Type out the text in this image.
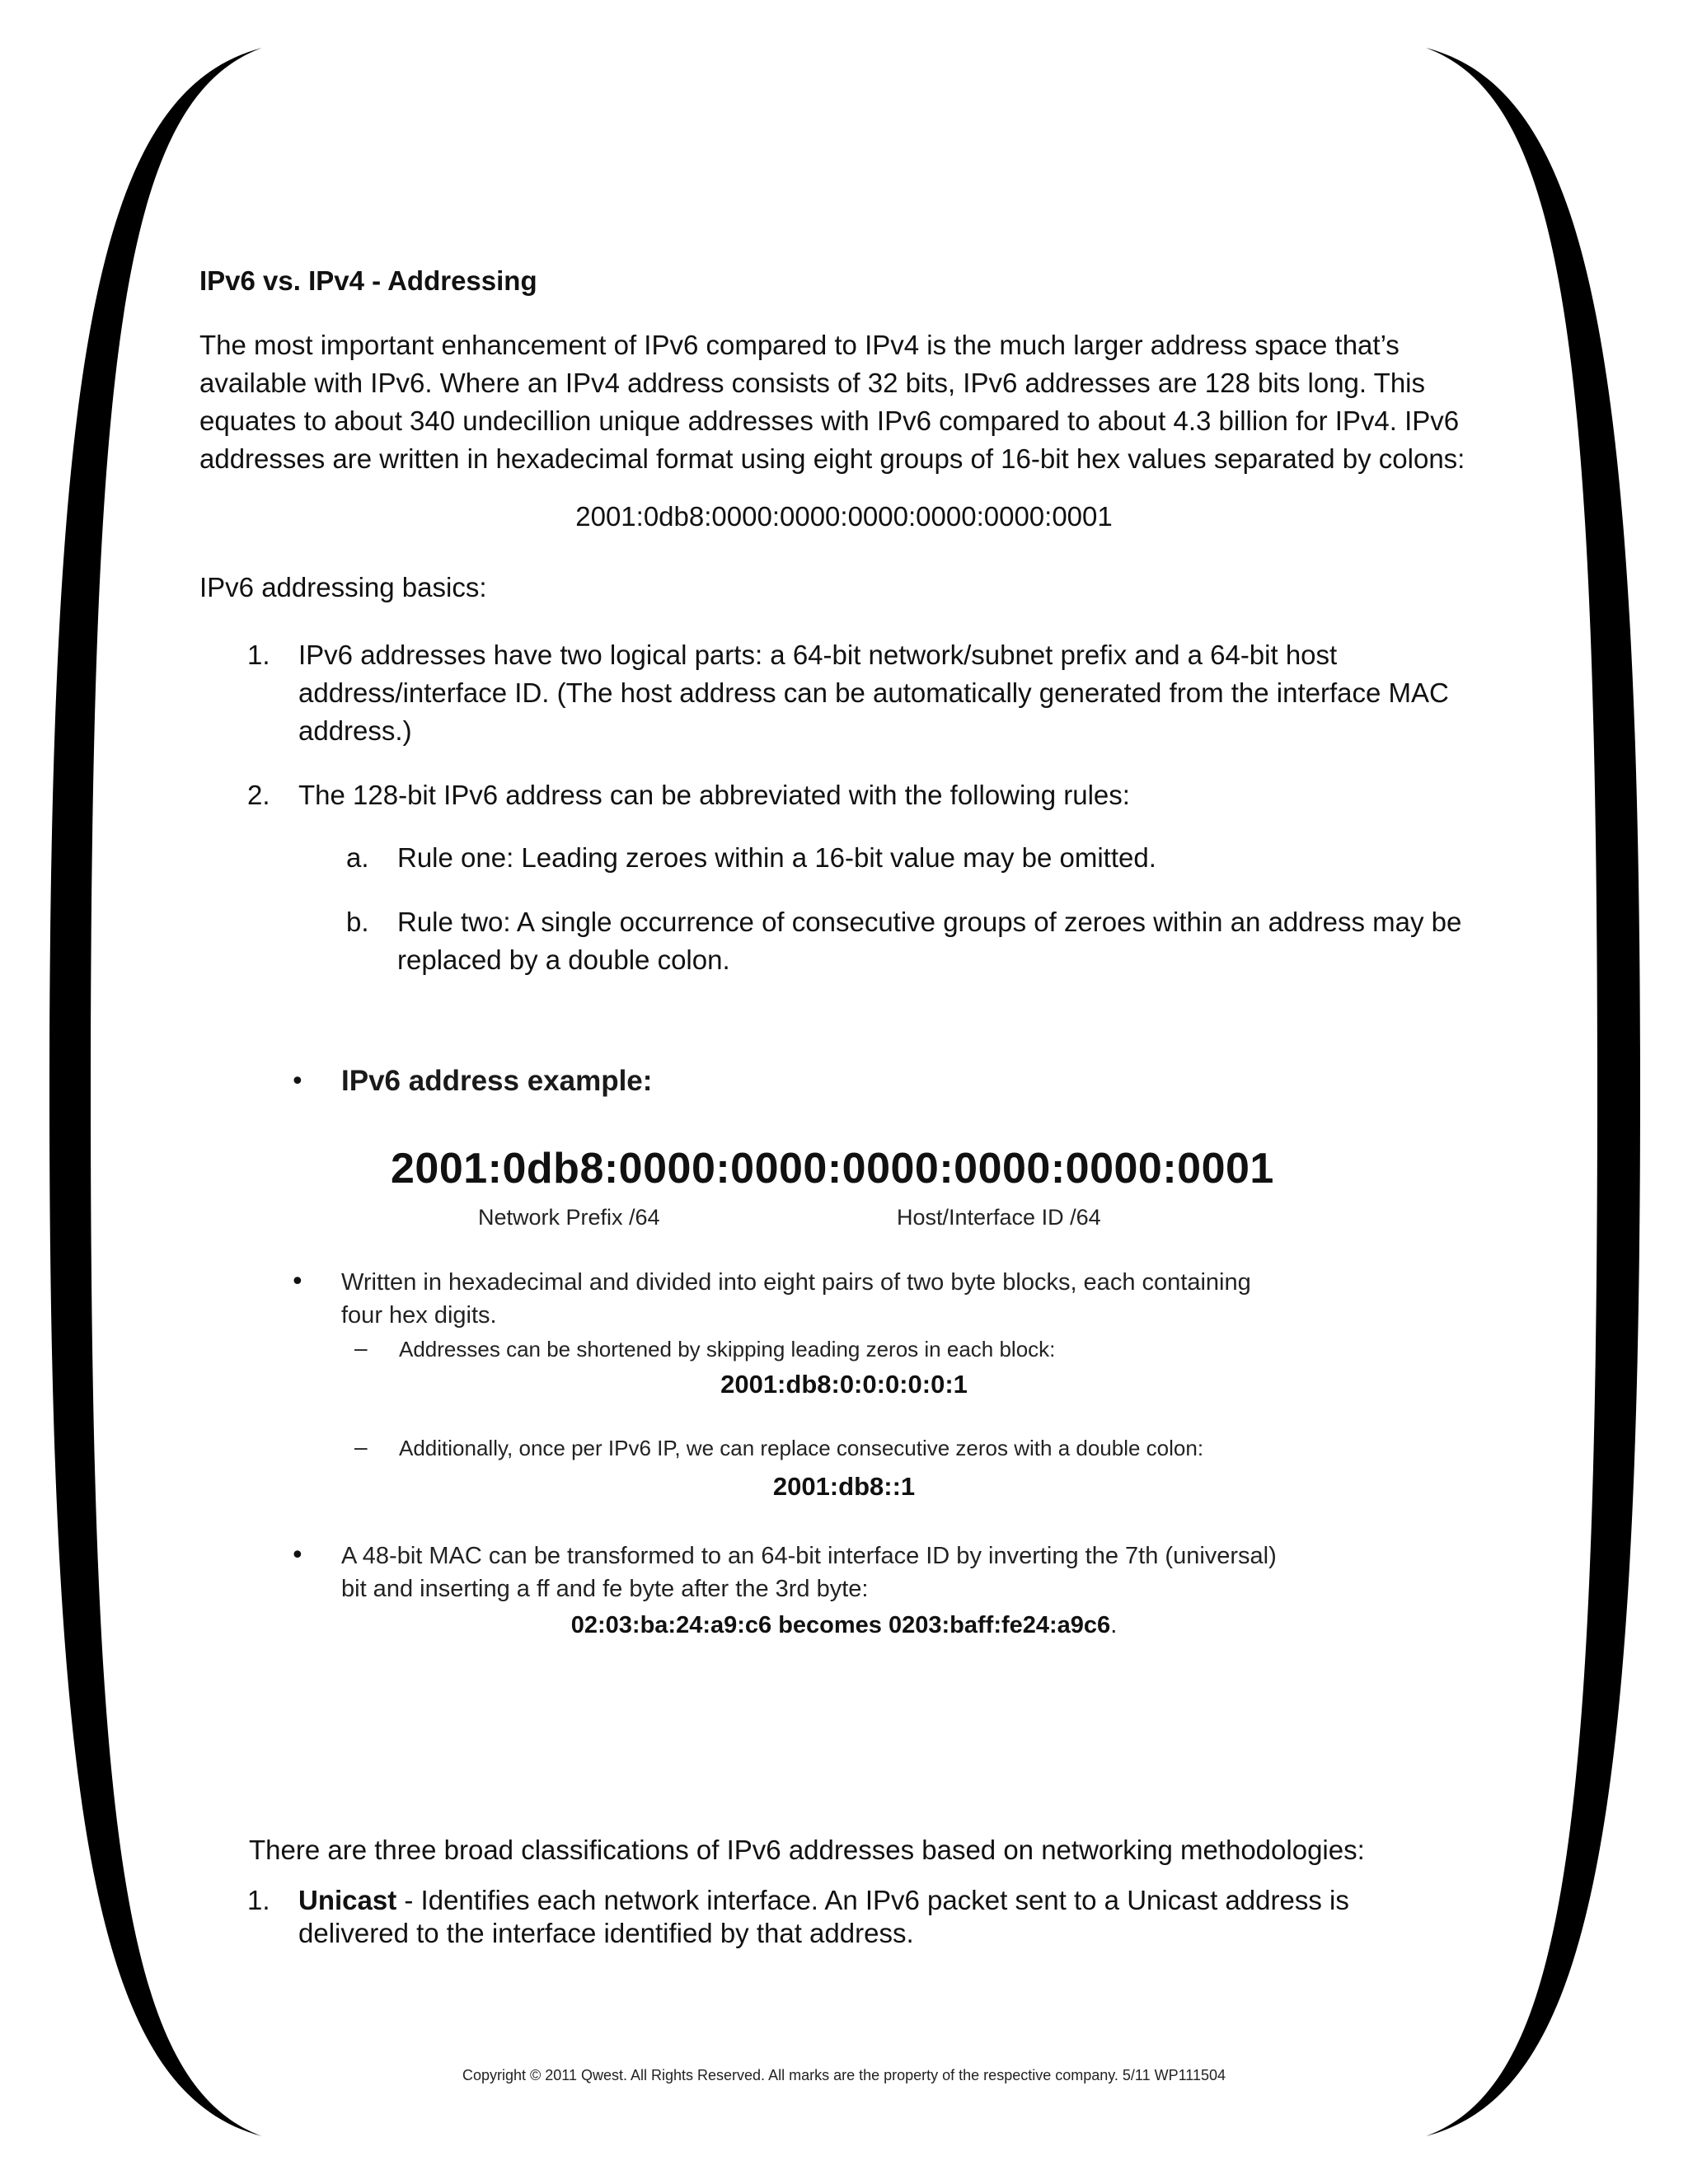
IPv6 vs. IPv4 - Addressing
The most important enhancement of IPv6 compared to IPv4 is the much larger address space that’s
available with IPv6. Where an IPv4 address consists of 32 bits, IPv6 addresses are 128 bits long. This
equates to about 340 undecillion unique addresses with IPv6 compared to about 4.3 billion for IPv4. IPv6
addresses are written in hexadecimal format using eight groups of 16-bit hex values separated by colons:
2001:0db8:0000:0000:0000:0000:0000:0001
IPv6 addressing basics:
1. IPv6 addresses have two logical parts: a 64-bit network/subnet prefix and a 64-bit host
address/interface ID. (The host address can be automatically generated from the interface MAC
address.)
2. The 128-bit IPv6 address can be abbreviated with the following rules:
a. Rule one: Leading zeroes within a 16-bit value may be omitted.
b. Rule two: A single occurrence of consecutive groups of zeroes within an address may be
replaced by a double colon.
• IPv6 address example:
2001:0db8:0000:0000:0000:0000:0000:0001
Network Prefix /64	Host/Interface ID /64
• Written in hexadecimal and divided into eight pairs of two byte blocks, each containing
four hex digits.
– Addresses can be shortened by skipping leading zeros in each block:
2001:db8:0:0:0:0:0:1
– Additionally, once per IPv6 IP, we can replace consecutive zeros with a double colon:
2001:db8::1
• A 48-bit MAC can be transformed to an 64-bit interface ID by inverting the 7th (universal)
bit and inserting a ff and fe byte after the 3rd byte:
02:03:ba:24:a9:c6 becomes 0203:baff:fe24:a9c6.
There are three broad classifications of IPv6 addresses based on networking methodologies:
1. Unicast - Identifies each network interface. An IPv6 packet sent to a Unicast address is
delivered to the interface identified by that address.
Copyright © 2011 Qwest. All Rights Reserved. All marks are the property of the respective company. 5/11 WP111504
